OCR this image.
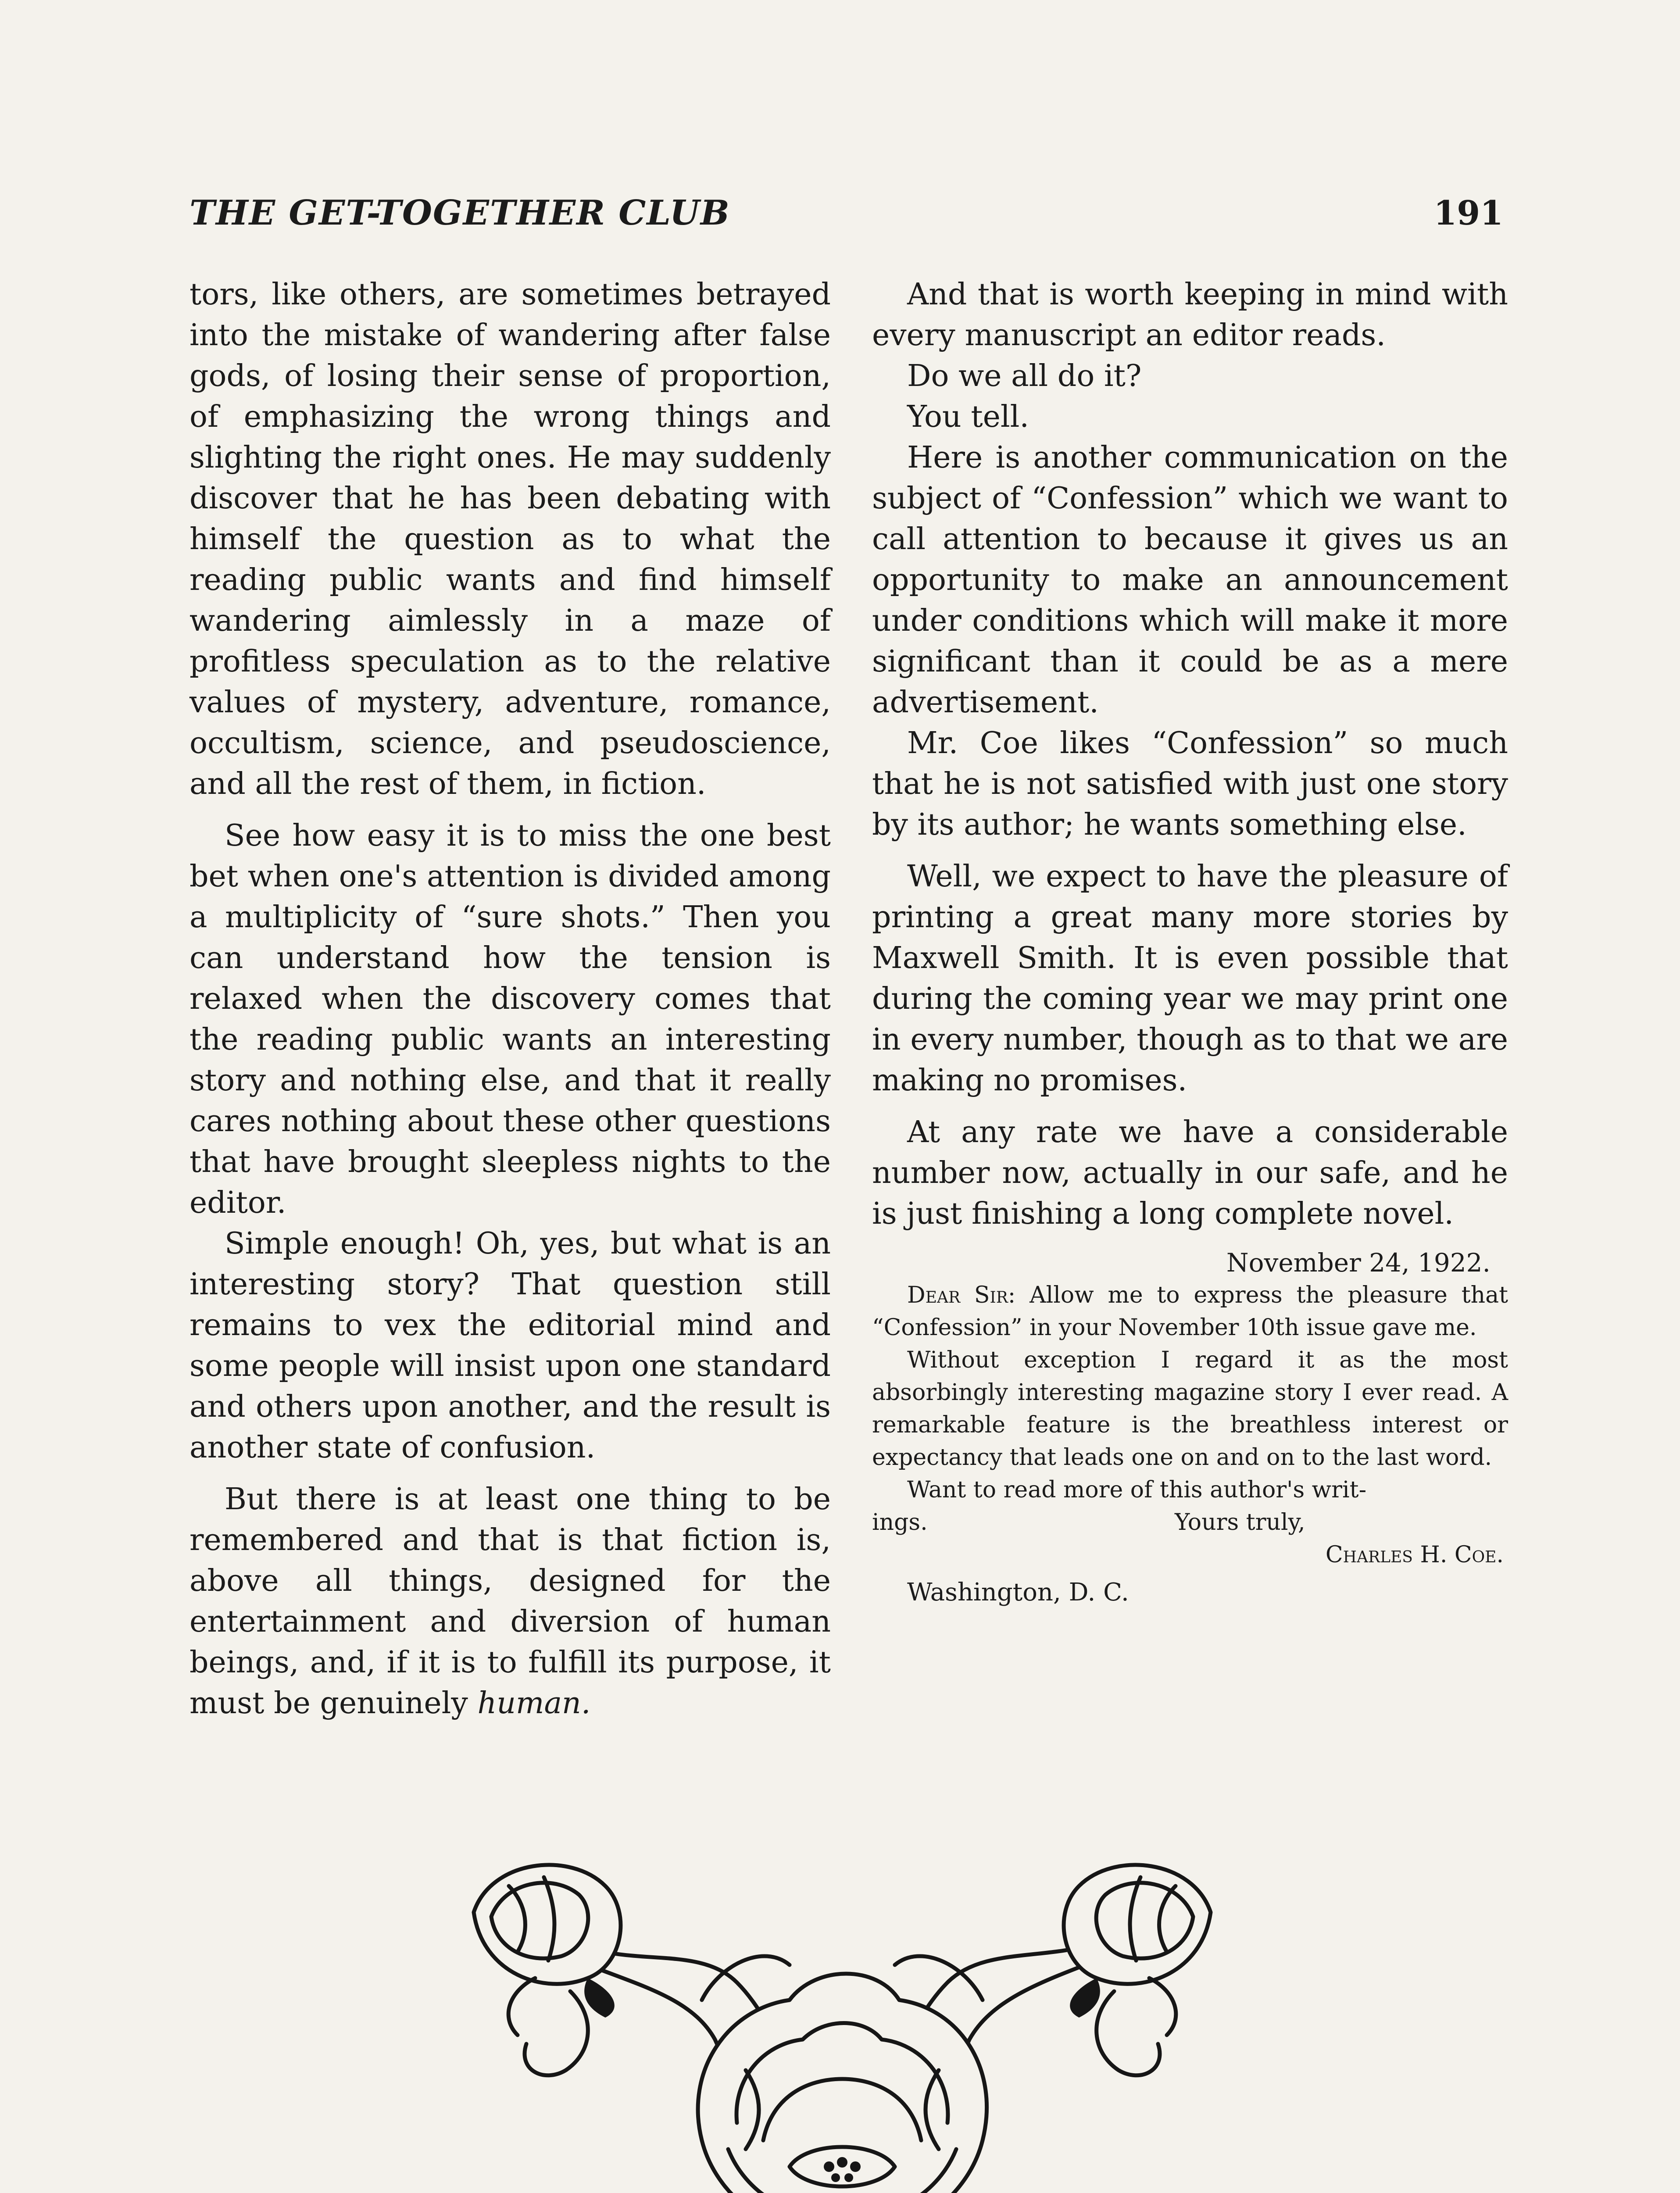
THE GET-TOGETHER CLUB	191

tors, like others, are sometimes betrayed into the mistake of wandering after false gods, of losing their sense of proportion, of emphasizing the wrong things and slighting the right ones. He may suddenly discover that he has been debating with himself the question as to what the reading public wants and find himself wandering aimlessly in a maze of profitless speculation as to the relative values of mystery, adventure, romance, occultism, science, and pseudoscience, and all the rest of them, in fiction.

See how easy it is to miss the one best bet when one's attention is divided among a multiplicity of “sure shots.” Then you can understand how the tension is relaxed when the discovery comes that the reading public wants an interesting story and nothing else, and that it really cares nothing about these other questions that have brought sleepless nights to the editor.

Simple enough! Oh, yes, but what is an interesting story? That question still remains to vex the editorial mind and some people will insist upon one standard and others upon another, and the result is another state of confusion.

But there is at least one thing to be remembered and that is that fiction is, above all things, designed for the entertainment and diversion of human beings, and, if it is to fulfill its purpose, it must be genuinely human.

And that is worth keeping in mind with every manuscript an editor reads.

Do we all do it?

You tell.

Here is another communication on the subject of “Confession” which we want to call attention to because it gives us an opportunity to make an announcement under conditions which will make it more significant than it could be as a mere advertisement.

Mr. Coe likes “Confession” so much that he is not satisfied with just one story by its author; he wants something else.

Well, we expect to have the pleasure of printing a great many more stories by Maxwell Smith. It is even possible that during the coming year we may print one in every number, though as to that we are making no promises.

At any rate we have a considerable number now, actually in our safe, and he is just finishing a long complete novel.

November 24, 1922.

Dear Sir: Allow me to express the pleasure that “Confession” in your November 10th issue gave me.

Without exception I regard it as the most absorbingly interesting magazine story I ever read. A remarkable feature is the breathless interest or expectancy that leads one on and on to the last word.

Want to read more of this author's writ-

ings.	Yours truly,
Charles H. Coe.
Washington, D. C.
